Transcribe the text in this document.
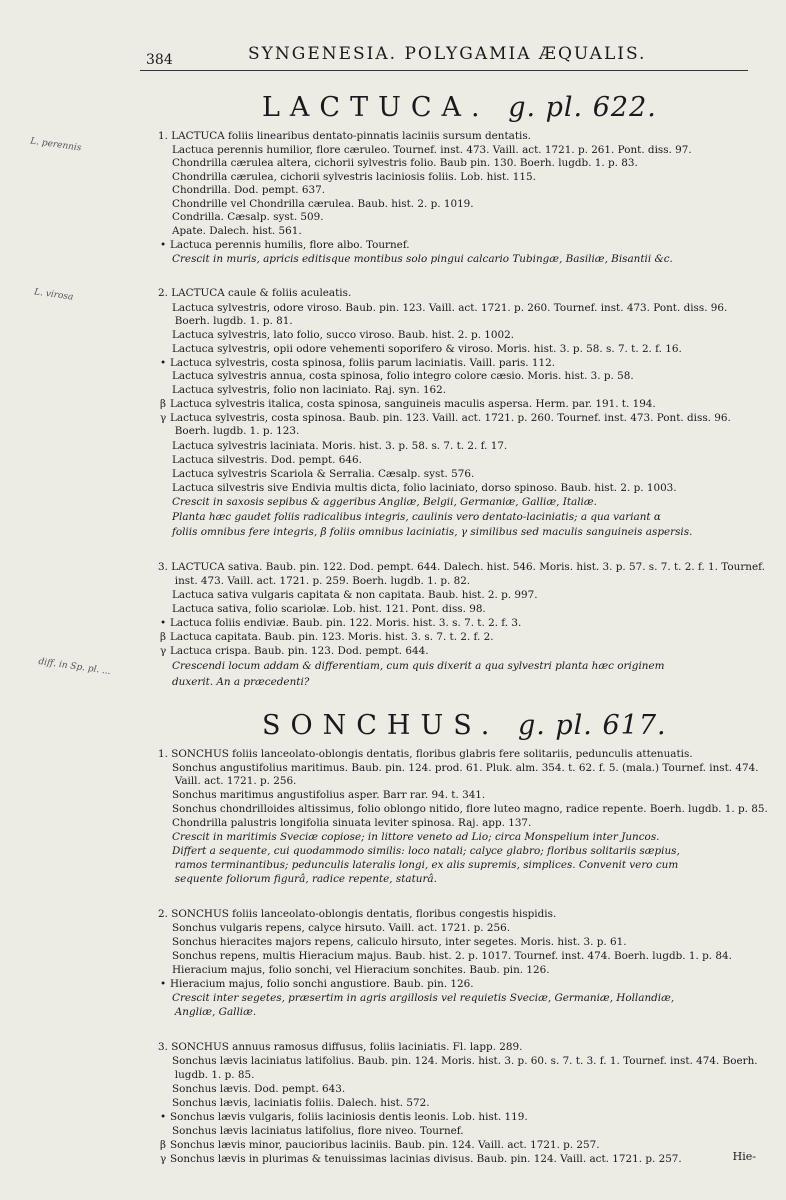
384	SYNGENESIA. POLYGAMIA ÆQUALIS.
LACTUCA. g. pl. 622.
L. perennis
L. virosa
diff. in Sp. pl. ...
1. LACTUCA foliis linearibus dentato-pinnatis laciniis sursum dentatis.
Lactuca perennis humilior, flore cæruleo. Tournef. inst. 473. Vaill. act. 1721. p. 261. Pont. diss. 97.
Chondrilla cærulea altera, cichorii sylvestris folio. Baub pin. 130. Boerh. lugdb. 1. p. 83.
Chondrilla cærulea, cichorii sylvestris laciniosis foliis. Lob. hist. 115.
Chondrilla. Dod. pempt. 637.
Chondrille vel Chondrilla cærulea. Baub. hist. 2. p. 1019.
Condrilla. Cæsalp. syst. 509.
Apate. Dalech. hist. 561.
• Lactuca perennis humilis, flore albo. Tournef.
Crescit in muris, apricis editisque montibus solo pingui calcario Tubingæ, Basiliæ, Bisantii &c.
2. LACTUCA caule & foliis aculeatis.
Lactuca sylvestris, odore viroso. Baub. pin. 123. Vaill. act. 1721. p. 260. Tournef. inst. 473. Pont. diss. 96.
Boerh. lugdb. 1. p. 81.
Lactuca sylvestris, lato folio, succo viroso. Baub. hist. 2. p. 1002.
Lactuca sylvestris, opii odore vehementi soporifero & viroso. Moris. hist. 3. p. 58. s. 7. t. 2. f. 16.
• Lactuca sylvestris, costa spinosa, foliis parum laciniatis. Vaill. paris. 112.
Lactuca sylvestris annua, costa spinosa, folio integro colore cæsio. Moris. hist. 3. p. 58.
Lactuca sylvestris, folio non laciniato. Raj. syn. 162.
β Lactuca sylvestris italica, costa spinosa, sanguineis maculis aspersa. Herm. par. 191. t. 194.
γ Lactuca sylvestris, costa spinosa. Baub. pin. 123. Vaill. act. 1721. p. 260. Tournef. inst. 473. Pont. diss. 96.
Boerh. lugdb. 1. p. 123.
Lactuca sylvestris laciniata. Moris. hist. 3. p. 58. s. 7. t. 2. f. 17.
Lactuca silvestris. Dod. pempt. 646.
Lactuca sylvestris Scariola & Serralia. Cæsalp. syst. 576.
Lactuca silvestris sive Endivia multis dicta, folio laciniato, dorso spinoso. Baub. hist. 2. p. 1003.
Crescit in saxosis sepibus & aggeribus Angliæ, Belgii, Germaniæ, Galliæ, Italiæ.
Planta hæc gaudet foliis radicalibus integris, caulinis vero dentato-laciniatis; a qua variant α
foliis omnibus fere integris, β foliis omnibus laciniatis, γ similibus sed maculis sanguineis aspersis.
3. LACTUCA sativa. Baub. pin. 122. Dod. pempt. 644. Dalech. hist. 546. Moris. hist. 3. p. 57. s. 7. t. 2. f. 1. Tournef.
inst. 473. Vaill. act. 1721. p. 259. Boerh. lugdb. 1. p. 82.
Lactuca sativa vulgaris capitata & non capitata. Baub. hist. 2. p. 997.
Lactuca sativa, folio scariolæ. Lob. hist. 121. Pont. diss. 98.
• Lactuca foliis endiviæ. Baub. pin. 122. Moris. hist. 3. s. 7. t. 2. f. 3.
β Lactuca capitata. Baub. pin. 123. Moris. hist. 3. s. 7. t. 2. f. 2.
γ Lactuca crispa. Baub. pin. 123. Dod. pempt. 644.
Crescendi locum addam & differentiam, cum quis dixerit a qua sylvestri planta hæc originem
duxerit. An a præcedenti?
SONCHUS. g. pl. 617.
1. SONCHUS foliis lanceolato-oblongis dentatis, floribus glabris fere solitariis, pedunculis attenuatis.
Sonchus angustifolius maritimus. Baub. pin. 124. prod. 61. Pluk. alm. 354. t. 62. f. 5. (mala.) Tournef. inst. 474.
Vaill. act. 1721. p. 256.
Sonchus maritimus angustifolius asper. Barr rar. 94. t. 341.
Sonchus chondrilloides altissimus, folio oblongo nitido, flore luteo magno, radice repente. Boerh. lugdb. 1. p. 85.
Chondrilla palustris longifolia sinuata leviter spinosa. Raj. app. 137.
Crescit in maritimis Sveciæ copiose; in littore veneto ad Lio; circa Monspelium inter Juncos.
Differt a sequente, cui quodammodo similis: loco natali; calyce glabro; floribus solitariis sæpius,
ramos terminantibus; pedunculis lateralis longi, ex alis supremis, simplices. Convenit vero cum
sequente foliorum figurâ, radice repente, staturâ.
2. SONCHUS foliis lanceolato-oblongis dentatis, floribus congestis hispidis.
Sonchus vulgaris repens, calyce hirsuto. Vaill. act. 1721. p. 256.
Sonchus hieracites majors repens, caliculo hirsuto, inter segetes. Moris. hist. 3. p. 61.
Sonchus repens, multis Hieracium majus. Baub. hist. 2. p. 1017. Tournef. inst. 474. Boerh. lugdb. 1. p. 84.
Hieracium majus, folio sonchi, vel Hieracium sonchites. Baub. pin. 126.
• Hieracium majus, folio sonchi angustiore. Baub. pin. 126.
Crescit inter segetes, præsertim in agris argillosis vel requietis Sveciæ, Germaniæ, Hollandiæ,
Angliæ, Galliæ.
3. SONCHUS annuus ramosus diffusus, foliis laciniatis. Fl. lapp. 289.
Sonchus lævis laciniatus latifolius. Baub. pin. 124. Moris. hist. 3. p. 60. s. 7. t. 3. f. 1. Tournef. inst. 474. Boerh.
lugdb. 1. p. 85.
Sonchus lævis. Dod. pempt. 643.
Sonchus lævis, laciniatis foliis. Dalech. hist. 572.
• Sonchus lævis vulgaris, foliis laciniosis dentis leonis. Lob. hist. 119.
Sonchus lævis laciniatus latifolius, flore niveo. Tournef.
β Sonchus lævis minor, paucioribus laciniis. Baub. pin. 124. Vaill. act. 1721. p. 257.
γ Sonchus lævis in plurimas & tenuissimas lacinias divisus. Baub. pin. 124. Vaill. act. 1721. p. 257.	Hie-
